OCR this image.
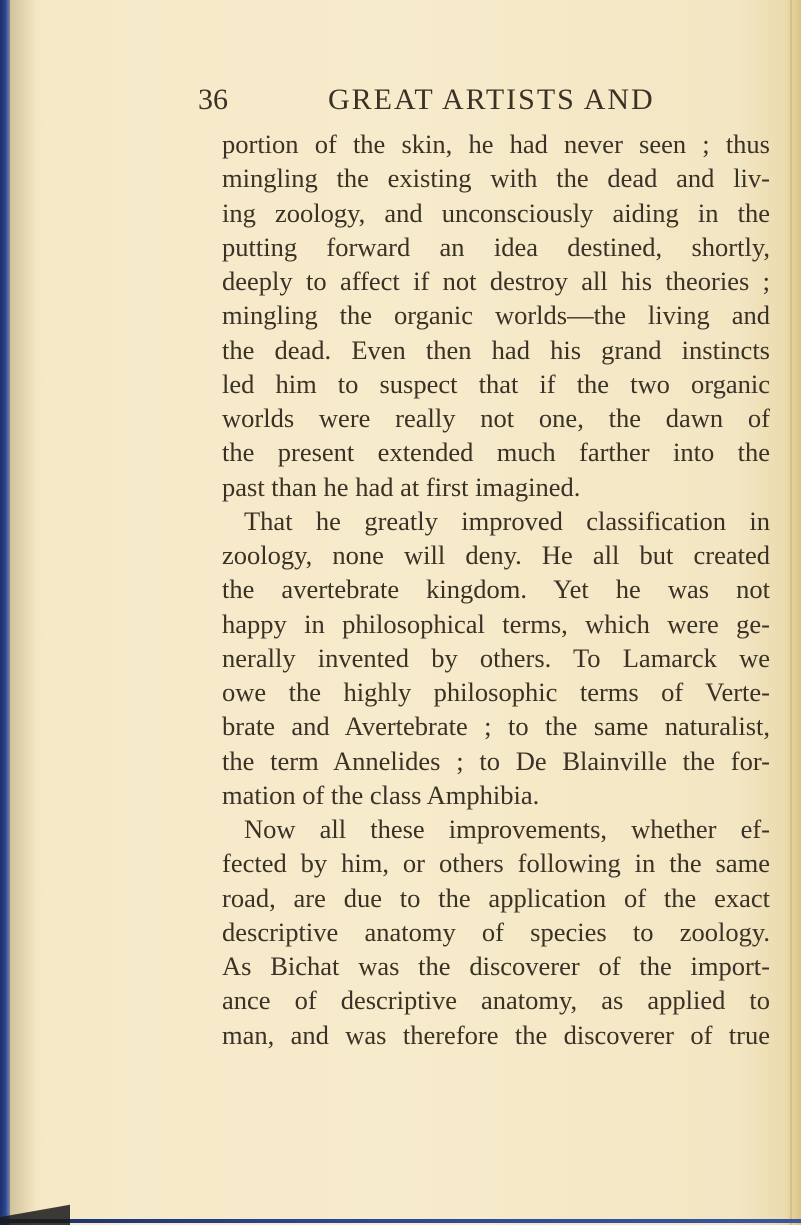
36	GREAT ARTISTS AND
portion of the skin, he had never seen ; thus
mingling the existing with the dead and liv-
ing zoology, and unconsciously aiding in the
putting forward an idea destined, shortly,
deeply to affect if not destroy all his theories ;
mingling the organic worlds—the living and
the dead. Even then had his grand instincts
led him to suspect that if the two organic
worlds were really not one, the dawn of
the present extended much farther into the
past than he had at first imagined.
That he greatly improved classification in
zoology, none will deny. He all but created
the avertebrate kingdom. Yet he was not
happy in philosophical terms, which were ge-
nerally invented by others. To Lamarck we
owe the highly philosophic terms of Verte-
brate and Avertebrate ; to the same naturalist,
the term Annelides ; to De Blainville the for-
mation of the class Amphibia.
Now all these improvements, whether ef-
fected by him, or others following in the same
road, are due to the application of the exact
descriptive anatomy of species to zoology.
As Bichat was the discoverer of the import-
ance of descriptive anatomy, as applied to
man, and was therefore the discoverer of true
